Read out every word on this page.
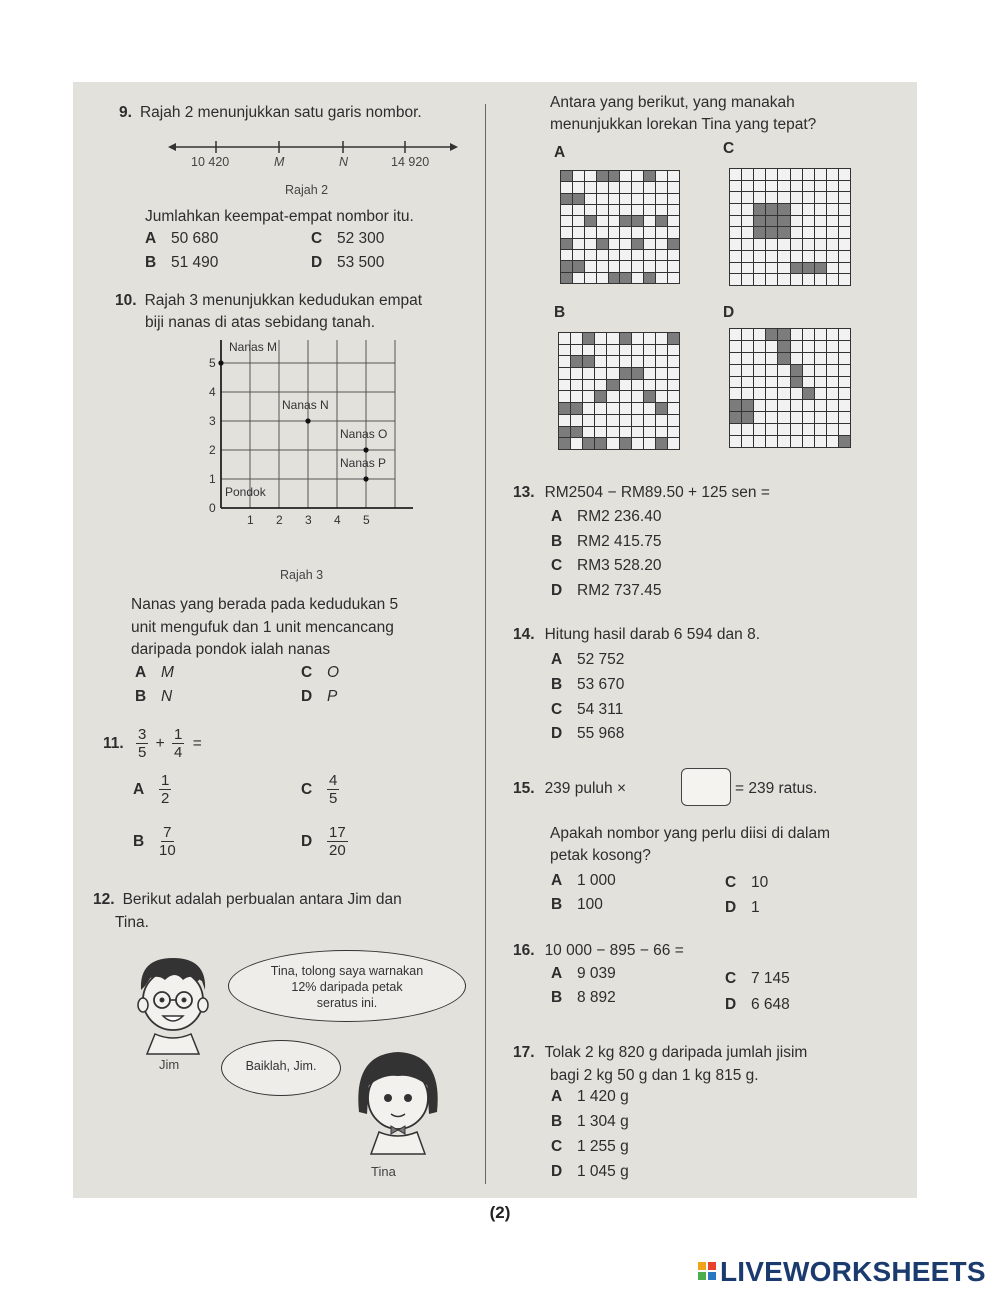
9. Rajah 2 menunjukkan satu garis nombor.
10 420	M	N	14 920
Rajah 2
Jumlahkan keempat-empat nombor itu.
A 50 680	C 52 300
B 51 490	D 53 500
10. Rajah 3 menunjukkan kedudukan empat
biji nanas di atas sebidang tanah.
0
1 2 3 4 5
1
2
3
4
5
Pondok
Nanas M
Nanas N
Nanas O
Nanas P
Rajah 3
Nanas yang berada pada kedudukan 5
unit mengufuk dan 1 unit mencancang
daripada pondok ialah nanas
A M	C O
B N	D P
11. $\frac{3}{5} + \frac{1}{4}$ =
A $\frac{1}{2}$	C $\frac{4}{5}$
B $\frac{7}{10}$	D $\frac{17}{20}$
12. Berikut adalah perbualan antara Jim dan
Tina.
Jim
Tina, tolong saya warnakan
12% daripada petak
seratus ini.
Baiklah, Jim.
Tina
Antara yang berikut, yang manakah
menunjukkan lorekan Tina yang tepat?
A	C
B	D
13. RM2504 − RM89.50 + 125 sen =
A RM2 236.40
B RM2 415.75
C RM3 528.20
D RM2 737.45
14. Hitung hasil darab 6 594 dan 8.
A 52 752
B 53 670
C 54 311
D 55 968
15. 239 puluh ×	= 239 ratus.
Apakah nombor yang perlu diisi di dalam
petak kosong?
A 1 000	C 10
B 100	D 1
16. 10 000 − 895 − 66 =
A 9 039	C 7 145
B 8 892	D 6 648
17. Tolak 2 kg 820 g daripada jumlah jisim
bagi 2 kg 50 g dan 1 kg 815 g.
A 1 420 g
B 1 304 g
C 1 255 g
D 1 045 g
(2)
LIVEWORKSHEETS
